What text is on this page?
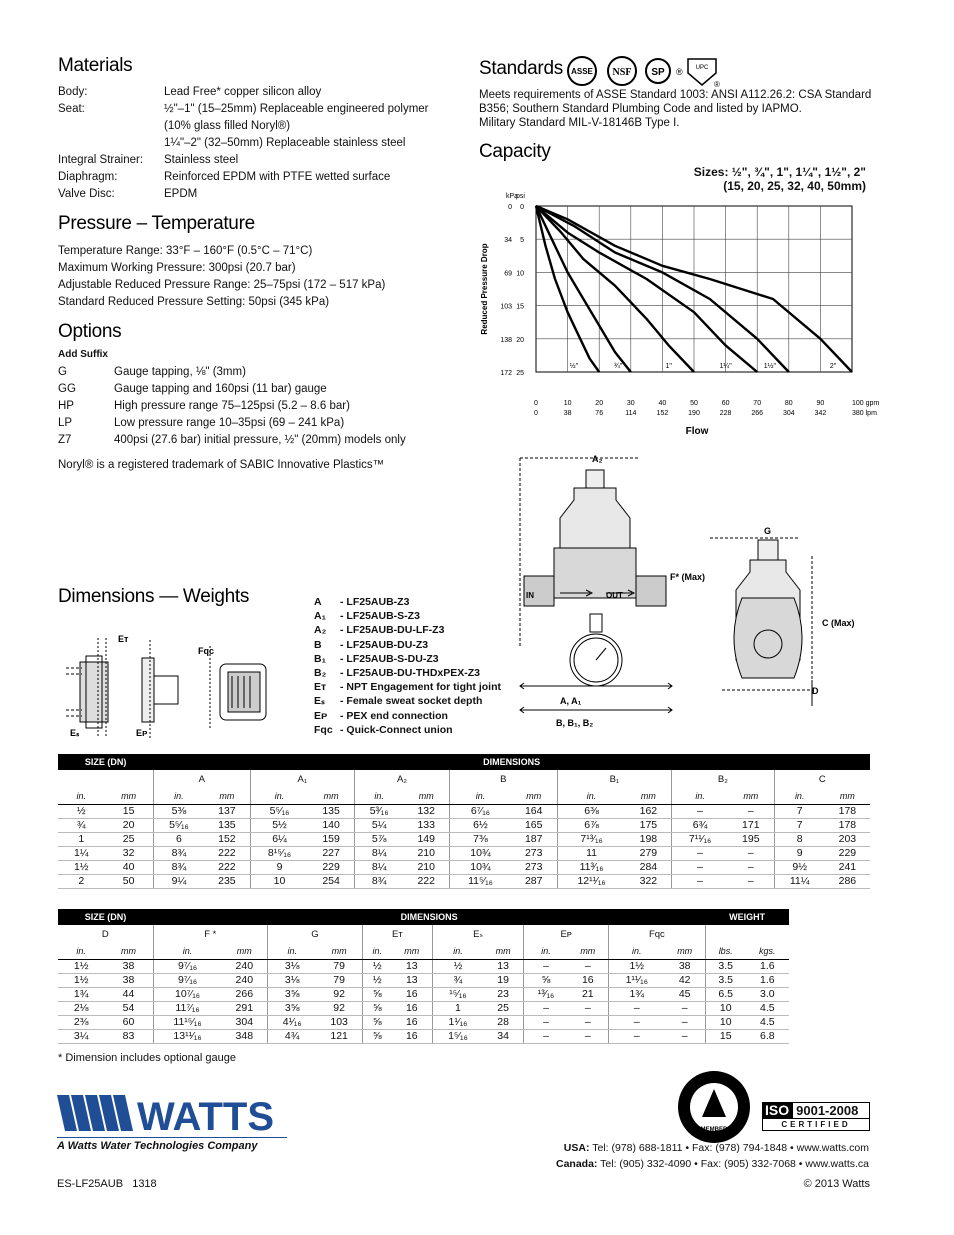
Materials
Body:	Lead Free* copper silicon alloy
Seat:	½"–1" (15–25mm) Replaceable engineered polymer
(10% glass filled Noryl®)
1¼"–2" (32–50mm) Replaceable stainless steel
Integral Strainer:	Stainless steel
Diaphragm:	Reinforced EPDM with PTFE wetted surface
Valve Disc:	EPDM
Pressure – Temperature

Temperature Range: 33°F – 160°F (0.5°C – 71°C)

Maximum Working Pressure: 300psi (20.7 bar)

Adjustable Reduced Pressure Range: 25–75psi (172 – 517 kPa)

Standard Reduced Pressure Setting: 50psi (345 kPa)

Options
Add Suffix
G	Gauge tapping, ⅛" (3mm)
GG	Gauge tapping and 160psi (11 bar) gauge
HP	High pressure range 75–125psi (5.2 – 8.6 bar)
LP	Low pressure range 10–35psi (69 – 241 kPa)
Z7	400psi (27.6 bar) initial pressure, ½" (20mm) models only
Noryl® is a registered trademark of SABIC Innovative Plastics™
Standards ASSE NSF SP ® UPC
®

Meets requirements of ASSE Standard 1003: ANSI A112.26.2: CSA Standard

B356; Southern Standard Plumbing Code and listed by IAPMO.

Military Standard MIL-V-18146B Type I.

Capacity
Sizes: ½", ¾", 1", 1¼", 1½", 2"
(15, 20, 25, 32, 40, 50mm)
kPa
psi
0
34
69
103
138
172
0
5
10
15
20
25
0	10	20	30	40	50	60	70	80	90	100 gpm
0	38	76	114	152	190	228	266	304	342	380 lpm
Flow
Reduced Pressure Drop
½"	¾"	1"	1¼"	1½"	2"
Dimensions — Weights	A	- LF25AUB-Z3
A₁	- LF25AUB-S-Z3
A₂	- LF25AUB-DU-LF-Z3
B	- LF25AUB-DU-Z3
B₁	- LF25AUB-S-DU-Z3
B₂	- LF25AUB-DU-THDxPEX-Z3
Eᴛ	- NPT Engagement for tight joint
Eₛ	- Female sweat socket depth
Eᴘ	- PEX end connection
Fqc - Quick-Connect union
Eᴛ
Eₛ	Eᴘ
Fqc
A₂
IN	OUT
A, A₁
B, B₁, B₂
G
F* (Max)
C (Max)
D
SIZE (DN)		DIMENSIONS													
		A		A₁		A₂		B		B₁		B₂		C	
in.	mm	in.	mm	in.	mm	in.	mm	in.	mm	in.	mm	in.	mm	in.	mm
½	15	5⅜	137	5⁵⁄₁₆	135	5³⁄₁₆	132	6⁷⁄₁₆	164	6⅜	162	–	–	7	178
¾	20	5⁵⁄₁₆	135	5½	140	5¼	133	6½	165	6⅞	175	6¾	171	7	178
1	25	6	152	6¼	159	5⅞	149	7⅜	187	7¹³⁄₁₆	198	7¹¹⁄₁₆	195	8	203
1¼	32	8¾	222	8¹⁵⁄₁₆	227	8¼	210	10¾	273	11	279	–	–	9	229
1½	40	8¾	222	9	229	8¼	210	10¾	273	11³⁄₁₆	284	–	–	9½	241
2	50	9¼	235	10	254	8¾	222	11⁵⁄₁₆	287	12¹¹⁄₁₆	322	–	–	11¼	286
SIZE (DN)		DIMENSIONS												WEIGHT	
D		F *		G		Eᴛ		Eₛ		Eᴘ		Fqc			
in.	mm	in.	mm	in.	mm	in.	mm	in.	mm	in.	mm	in.	mm	lbs.	kgs.
1½	38	9⁷⁄₁₆	240	3⅛	79	½	13	½	13	–	–	1½	38	3.5	1.6
1½	38	9⁷⁄₁₆	240	3⅛	79	½	13	¾	19	⅝	16	1¹¹⁄₁₆	42	3.5	1.6
1¾	44	10⁷⁄₁₆	266	3⅝	92	⅝	16	¹⁵⁄₁₆	23	¹³⁄₁₆	21	1¾	45	6.5	3.0
2⅛	54	11⁷⁄₁₆	291	3⅝	92	⅝	16	1	25	–	–	–	–	10	4.5
2⅜	60	11¹⁵⁄₁₆	304	4¹⁄₁₆	103	⅝	16	1¹⁄₁₆	28	–	–	–	–	10	4.5
3¼	83	13¹¹⁄₁₆	348	4¾	121	⅝	16	1⁵⁄₁₆	34	–	–	–	–	15	6.8
* Dimension includes optional gauge
WATTS
A Watts Water Technologies Company
MEMBER
ISO 9001-2008
CERTIFIED
USA: Tel: (978) 688-1811 • Fax: (978) 794-1848 • www.watts.com
Canada: Tel: (905) 332-4090 • Fax: (905) 332-7068 • www.watts.ca
ES-LF25AUB   1318	© 2013 Watts
